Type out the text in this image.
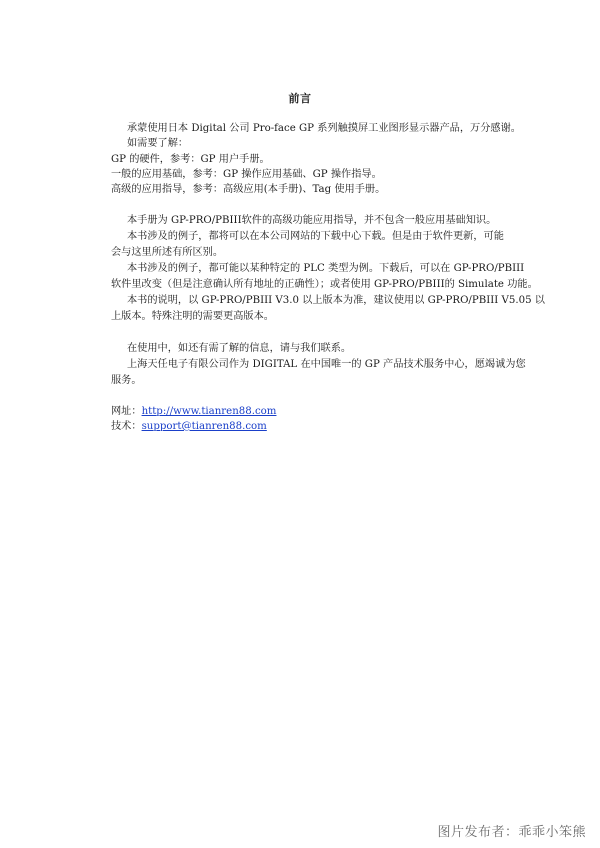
前言
承蒙使用日本 Digital 公司 Pro-face GP 系列触摸屏工业图形显示器产品，万分感谢。
如需要了解：
GP 的硬件，参考：GP 用户手册。
一般的应用基础，参考：GP 操作应用基础、GP 操作指导。
高级的应用指导，参考：高级应用(本手册)、Tag 使用手册。
本手册为 GP-PRO/PBIII软件的高级功能应用指导，并不包含一般应用基础知识。
本书涉及的例子，都将可以在本公司网站的下载中心下载。但是由于软件更新，可能
会与这里所述有所区别。
本书涉及的例子，都可能以某种特定的 PLC 类型为例。下载后，可以在 GP-PRO/PBIII
软件里改变（但是注意确认所有地址的正确性）；或者使用 GP-PRO/PBIII的 Simulate 功能。
本书的说明，以 GP-PRO/PBIII V3.0 以上版本为准，建议使用以 GP-PRO/PBIII V5.05 以
上版本。特殊注明的需要更高版本。
在使用中，如还有需了解的信息，请与我们联系。
上海天任电子有限公司作为 DIGITAL 在中国唯一的 GP 产品技术服务中心，愿竭诚为您
服务。
网址：http://www.tianren88.com
技术：support@tianren88.com
图片发布者：乖乖小笨熊
